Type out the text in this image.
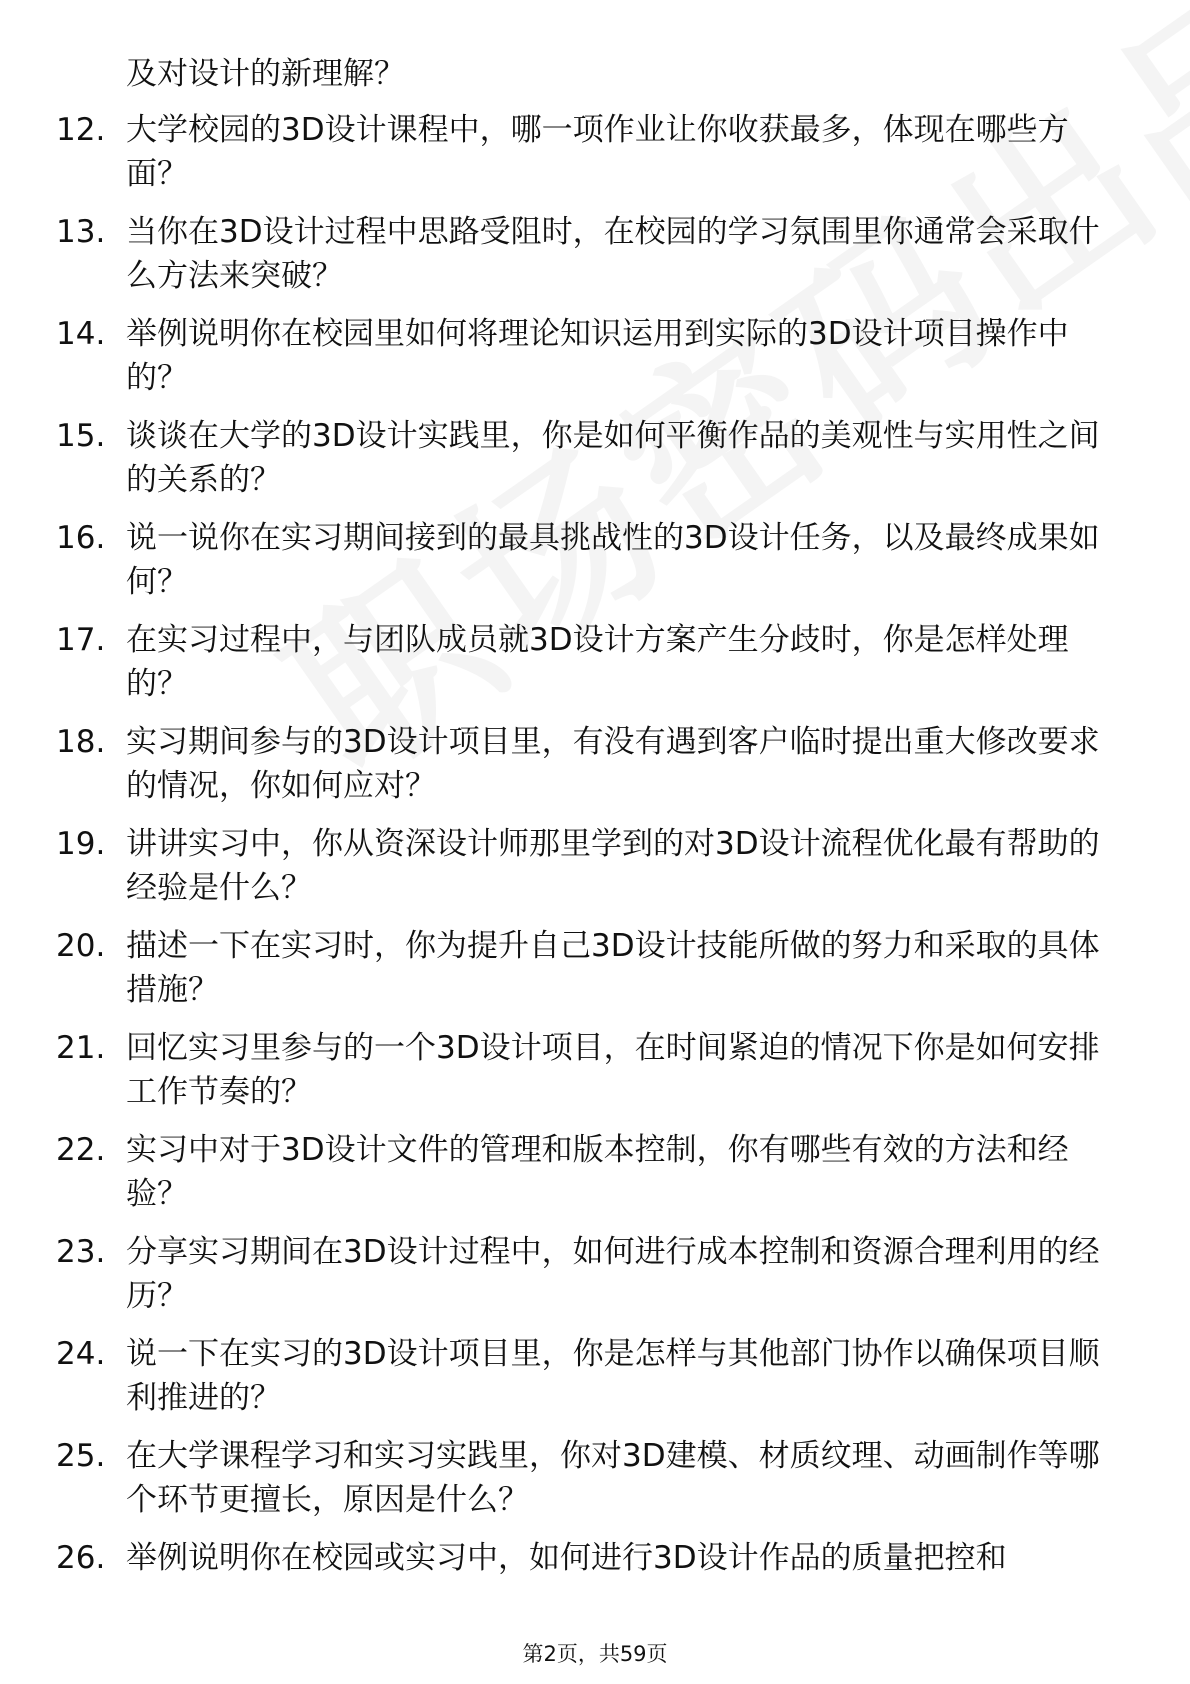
及对设计的新理解？

12. 大学校园的3D设计课程中，哪一项作业让你收获最多，体现在哪些方面？

13. 当你在3D设计过程中思路受阻时，在校园的学习氛围里你通常会采取什么方法来突破？

14. 举例说明你在校园里如何将理论知识运用到实际的3D设计项目操作中的？

15. 谈谈在大学的3D设计实践里，你是如何平衡作品的美观性与实用性之间的关系的？

16. 说一说你在实习期间接到的最具挑战性的3D设计任务，以及最终成果如何？

17. 在实习过程中，与团队成员就3D设计方案产生分歧时，你是怎样处理的？

18. 实习期间参与的3D设计项目里，有没有遇到客户临时提出重大修改要求的情况，你如何应对？

19. 讲讲实习中，你从资深设计师那里学到的对3D设计流程优化最有帮助的经验是什么？

20. 描述一下在实习时，你为提升自己3D设计技能所做的努力和采取的具体措施？

21. 回忆实习里参与的一个3D设计项目，在时间紧迫的情况下你是如何安排工作节奏的？

22. 实习中对于3D设计文件的管理和版本控制，你有哪些有效的方法和经验？

23. 分享实习期间在3D设计过程中，如何进行成本控制和资源合理利用的经历？

24. 说一下在实习的3D设计项目里，你是怎样与其他部门协作以确保项目顺利推进的？

25. 在大学课程学习和实习实践里，你对3D建模、材质纹理、动画制作等哪个环节更擅长，原因是什么？

26. 举例说明你在校园或实习中，如何进行3D设计作品的质量把控和

第2页，共59页
